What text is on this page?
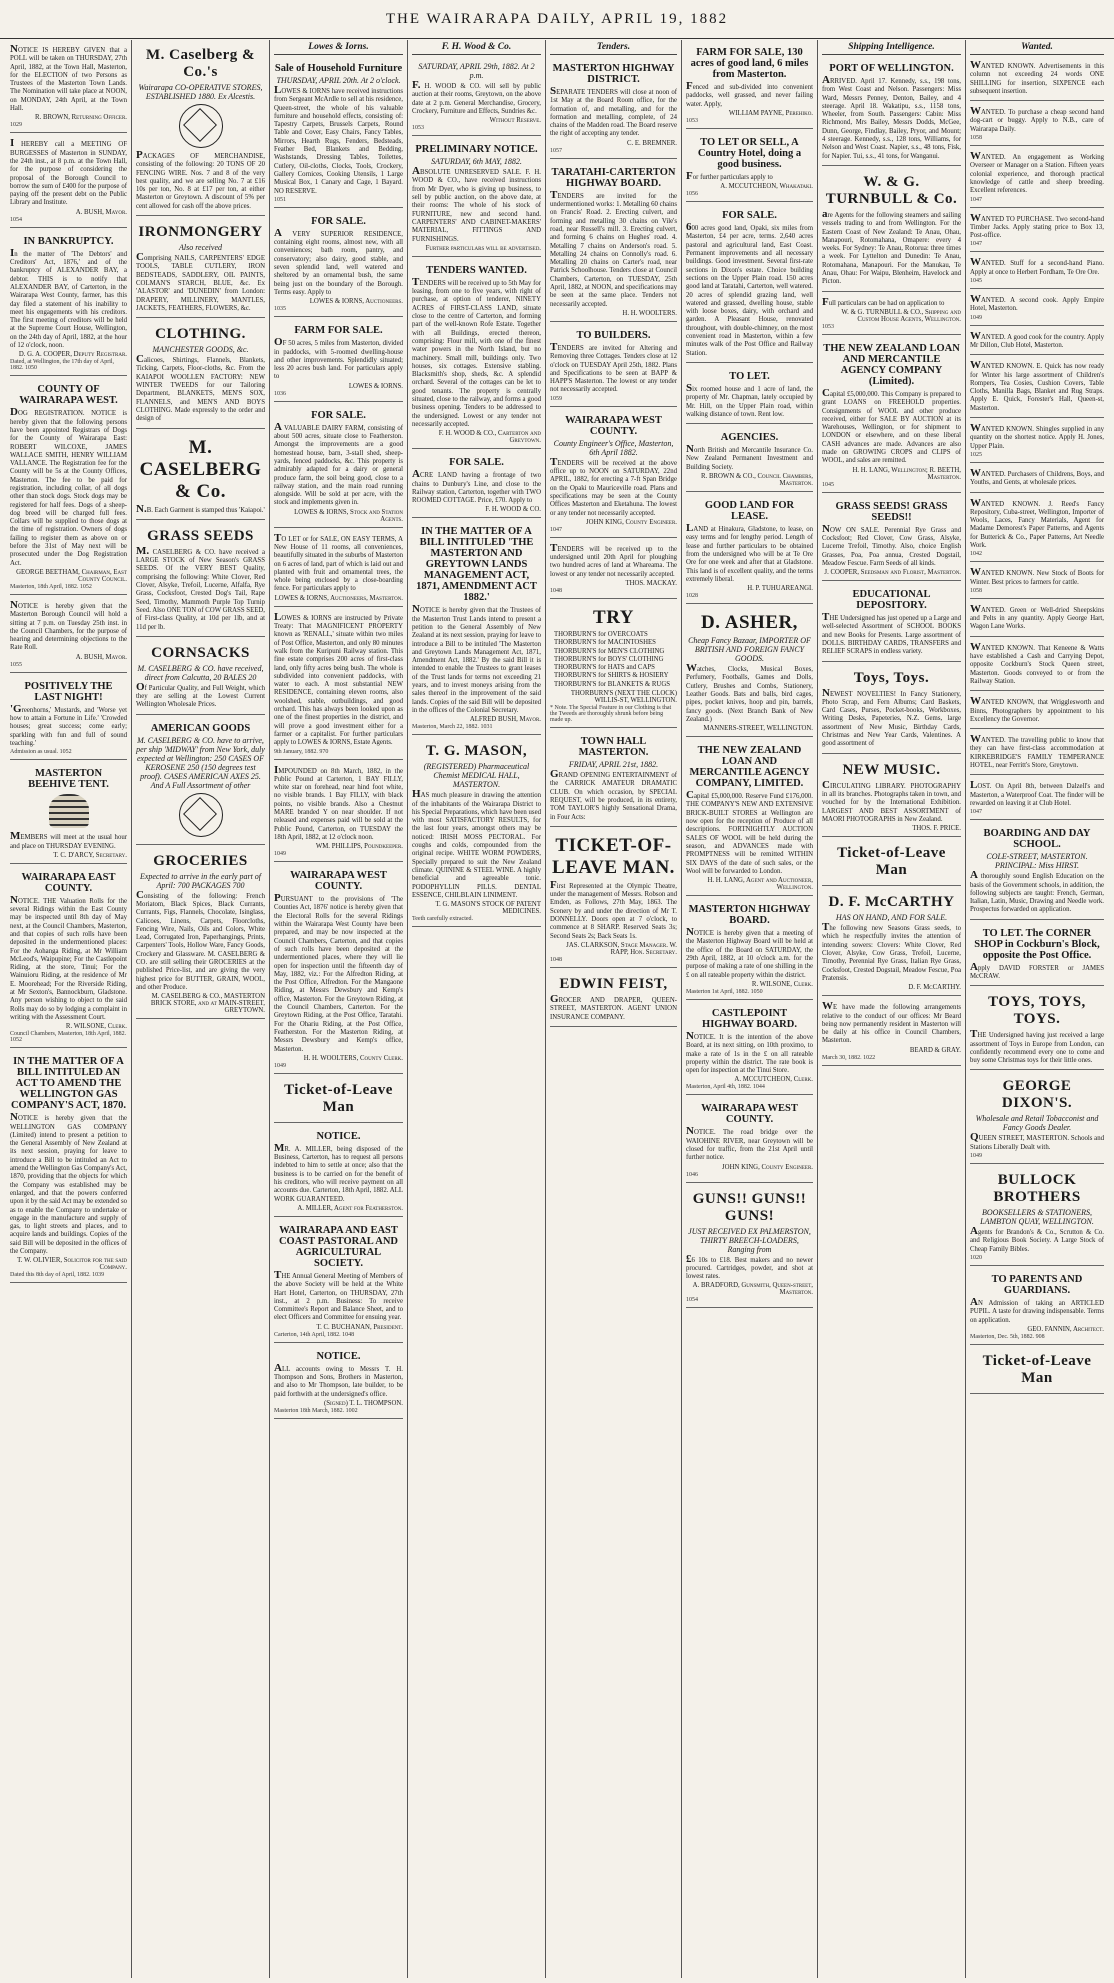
THE WAIRARAPA DAILY, APRIL 19, 1882
NOTICE IS HEREBY GIVEN that a POLL will be taken on THURSDAY, 27th April, 1882, at the Town Hall, Masterton, for the ELECTION of two Persons as Trustees of the Masterton Town Lands. The Nomination will take place at NOON, on MONDAY, 24th April, at the Town Hall.
R. BROWN, Returning Officer.
1029
I HEREBY call a MEETING OF BURGESSES of Masterton in SUNDAY, the 24th inst., at 8 p.m. at the Town Hall, for the purpose of considering the proposal of the Borough Council to borrow the sum of £400 for the purpose of paying off the present debt on the Public Library and Institute.
A. BUSH, Mayor.
1054
IN BANKRUPTCY.
In the matter of 'The Debtors' and Creditors' Act, 1876,' and of the bankruptcy of ALEXANDER BAY, a debtor. THIS is to notify that ALEXANDER BAY, of Carterton, in the Wairarapa West County, farmer, has this day filed a statement of his inability to meet his engagements with his creditors. The first meeting of creditors will be held at the Supreme Court House, Wellington, on the 24th day of April, 1882, at the hour of 12 o'clock, noon.
D. G. A. COOPER, Deputy Registrar.
Dated, at Wellington, the 17th day of April, 1882. 1050
COUNTY OF WAIRARAPA WEST.
DOG REGISTRATION. NOTICE is hereby given that the following persons have been appointed Registrars of Dogs for the County of Wairarapa East: ROBERT WILCOXE, JAMES WALLACE SMITH, HENRY WILLIAM VALLANCE. The Registration fee for the County will be 5s at the County Offices, Masterton. The fee to be paid for registration, including collar, of all dogs other than stock dogs. Stock dogs may be registered for half fees. Dogs of a sheep-dog breed will be charged full fees. Collars will be supplied to those dogs at the time of registration. Owners of dogs failing to register them as above on or before the 31st of May next will be prosecuted under the Dog Registration Act.
GEORGE BEETHAM, Chairman, East County Council.
Masterton, 18th April, 1882. 1052
NOTICE is hereby given that the Masterton Borough Council will hold a sitting at 7 p.m. on Tuesday 25th inst. in the Council Chambers, for the purpose of hearing and determining objections to the Rate Roll.
A. BUSH, Mayor.
1055
POSITIVELY THE LAST NIGHT!
'Greenhorns,' Mustards, and 'Worse yet how to attain a Fortune in Life.' 'Crowded houses; great success; come early; sparkling with fun and full of sound teaching.'
Admission as usual. 1052
MASTERTON BEEHIVE TENT.
MEMBERS will meet at the usual hour and place on THURSDAY EVENING.
T. C. D'ARCY, Secretary.
WAIRARAPA EAST COUNTY.
NOTICE. THE Valuation Rolls for the several Ridings within the East County may be inspected until 8th day of May next, at the Council Chambers, Masterton, and that copies of such rolls have been deposited in the undermentioned places: For the Aohanga Riding, at Mr William McLeod's, Waipupine; For the Castlepoint Riding, at the store, Tinui; For the Wainuioru Riding, at the residence of Mr E. Moorehead; For the Riverside Riding, at Mr Sexton's, Bannockburn, Gladstone. Any person wishing to object to the said Rolls may do so by lodging a complaint in writing with the Assessment Court.
R. WILSONE, Clerk.
Council Chambers, Masterton, 18th April, 1882. 1052
IN THE MATTER OF A BILL INTITULED AN ACT TO AMEND THE WELLINGTON GAS COMPANY'S ACT, 1870.
NOTICE is hereby given that the WELLINGTON GAS COMPANY (Limited) intend to present a petition to the General Assembly of New Zealand at its next session, praying for leave to introduce a Bill to be intituled an Act to amend the Wellington Gas Company's Act, 1870, providing that the objects for which the Company was established may be enlarged, and that the powers conferred upon it by the said Act may be extended so as to enable the Company to undertake or engage in the manufacture and supply of gas, to light streets and places, and to acquire lands and buildings. Copies of the said Bill will be deposited in the offices of the Company.
T. W. OLIVIER, Solicitor for the said Company.
Dated this 8th day of April, 1882. 1039
M. Caselberg & Co.'s
Wairarapa CO-OPERATIVE STORES, ESTABLISHED 1880. Ex Alcestis.
PACKAGES OF MERCHANDISE, consisting of the following: 20 TONS OF 20 FENCING WIRE. Nos. 7 and 8 of the very best quality, and we are selling No. 7 at £16 10s per ton, No. 8 at £17 per ton, at either Masterton or Greytown. A discount of 5% per cent allowed for cash off the above prices.
IRONMONGERY
Also received
Comprising NAILS, CARPENTERS' EDGE TOOLS, TABLE CUTLERY, IRON BEDSTEADS, SADDLERY, OIL PAINTS, COLMAN'S STARCH, BLUE, &c. Ex 'ALASTOR' and 'DUNEDIN' from London: DRAPERY, MILLINERY, MANTLES, JACKETS, FEATHERS, FLOWERS, &c.
CLOTHING.
MANCHESTER GOODS, &c.
Calicoes, Shirtings, Flannels, Blankets, Ticking, Carpets, Floor-cloths, &c. From the KAIAPOI WOOLLEN FACTORY: NEW WINTER TWEEDS for our Tailoring Department, BLANKETS, MEN'S SOX, FLANNELS, and MEN'S AND BOYS CLOTHING. Made expressly to the order and design of
M. CASELBERG & Co.
N.B. Each Garment is stamped thus 'Kaiapoi.'
GRASS SEEDS
M. CASELBERG & CO. have received a LARGE STOCK of New Season's GRASS SEEDS. Of the VERY BEST Quality, comprising the following: White Clover, Red Clover, Alsyke, Trefoil, Lucerne, Alfalfa, Rye Grass, Cocksfoot, Crested Dog's Tail, Rape Seed, Timothy, Mammoth Purple Top Turnip Seed. Also ONE TON of COW GRASS SEED, of First-class Quality, at 10d per 1lb, and at 11d per lb.
CORNSACKS
M. CASELBERG & CO. have received, direct from Calcutta, 20 BALES 20
Of Particular Quality, and Full Weight, which they are selling at the Lowest Current Wellington Wholesale Prices.
AMERICAN GOODS
M. CASELBERG & CO. have to arrive, per ship 'MIDWAY' from New York, duly expected at Wellington: 250 CASES OF KEROSENE 250 (150 degrees test proof). CASES AMERICAN AXES 25. And A Full Assortment of other
GROCERIES
Expected to arrive in the early part of April: 700 PACKAGES 700
Consisting of the following: French Moriatom, Black Spices, Black Currants, Currants, Figs, Flannels, Chocolate, Isinglass, Calicoes, Linens, Carpets, Floorcloths, Fencing Wire, Nails, Oils and Colors, White Lead, Corrugated Iron, Paperhangings, Prints, Carpenters' Tools, Hollow Ware, Fancy Goods, Crockery and Glassware. M. CASELBERG & CO. are still selling their GROCERIES at the published Price-list, and are giving the very highest price for BUTTER, GRAIN, WOOL, and other Produce.
M. CASELBERG & CO., MASTERTON BRICK STORE, and at MAIN-STREET, GREYTOWN.
Lowes & Iorns.
Sale of Household Furniture
THURSDAY, APRIL 20th. At 2 o'clock.
LOWES & IORNS have received instructions from Sergeant McArdle to sell at his residence, Queen-street, the whole of his valuable furniture and household effects, consisting of: Tapestry Carpets, Brussels Carpets, Round Table and Cover, Easy Chairs, Fancy Tables, Mirrors, Hearth Rugs, Fenders, Bedsteads, Feather Bed, Blankets and Bedding, Washstands, Dressing Tables, Toilettes, Cutlery, Oil-cloths, Clocks, Tools, Crockery, Gallery Cornices, Cooking Utensils, 1 Large Musical Box, 1 Canary and Cage, 1 Bayard. NO RESERVE.
1051
FOR SALE.
A VERY SUPERIOR RESIDENCE, containing eight rooms, almost new, with all conveniences; bath room, pantry, and conservatory; also dairy, good stable, and seven splendid land, well watered and sheltered by an ornamental bush, the same being just on the boundary of the Borough. Terms easy. Apply to
LOWES & IORNS, Auctioneers.
1035
FARM FOR SALE.
OF 50 acres, 5 miles from Masterton, divided in paddocks, with 5-roomed dwelling-house and other improvements. Splendidly situated; less 20 acres bush land. For particulars apply to
LOWES & IORNS.
1036
FOR SALE.
A VALUABLE DAIRY FARM, consisting of about 500 acres, situate close to Featherston. Amongst the improvements are a good homestead house, barn, 3-stall shed, sheep-yards, fenced paddocks, &c. This property is admirably adapted for a dairy or general produce farm, the soil being good, close to a railway station, and the main road running alongside. Will be sold at per acre, with the stock and implements given in.
LOWES & IORNS, Stock and Station Agents.
TO LET or for SALE, ON EASY TERMS, A New House of 11 rooms, all conveniences, beautifully situated in the suburbs of Masterton on 6 acres of land, part of which is laid out and planted with fruit and ornamental trees, the whole being enclosed by a close-boarding fence. For particulars apply to
LOWES & IORNS, Auctioneers, Masterton.
LOWES & IORNS are instructed by Private Treaty: That MAGNIFICENT PROPERTY known as 'RENALL,' situate within two miles of Post Office, Masterton, and only 80 minutes walk from the Kuripuni Railway station. This fine estate comprises 200 acres of first-class land, only fifty acres being bush. The whole is subdivided into convenient paddocks, with water to each. A most substantial NEW RESIDENCE, containing eleven rooms, also woolshed, stable, outbuildings, and good orchard. This has always been looked upon as one of the finest properties in the district, and will prove a good investment either for a farmer or a capitalist. For further particulars apply to LOWES & IORNS, Estate Agents.
9th January, 1882. 970
IMPOUNDED on 8th March, 1882, in the Public Pound at Carterton, 1 BAY FILLY, white star on forehead, near hind foot white, no visible brands. 1 Bay FILLY, with black points, no visible brands. Also a Chestnut MARE branded Y on near shoulder. If not released and expenses paid will be sold at the Public Pound, Carterton, on TUESDAY the 18th April, 1882, at 12 o'clock noon.
WM. PHILLIPS, Poundkeeper.
1049
WAIRARAPA WEST COUNTY.
PURSUANT to the provisions of 'The Counties Act, 1876' notice is hereby given that the Electoral Rolls for the several Ridings within the Wairarapa West County have been prepared, and may be now inspected at the Council Chambers, Carterton, and that copies of such rolls have been deposited at the undermentioned places, where they will lie open for inspection until the fifteenth day of May, 1882, viz.: For the Alfredton Riding, at the Post Office, Alfredton. For the Mangaone Riding, at Messrs Dewsbury and Kemp's office, Masterton. For the Greytown Riding, at the Council Chambers, Carterton. For the Greytown Riding, at the Post Office, Taratahi. For the Ohariu Riding, at the Post Office, Featherston. For the Masterton Riding, at Messrs Dewsbury and Kemp's office, Masterton.
H. H. WOOLTERS, County Clerk.
1049
Ticket-of-Leave Man
NOTICE.
MR. A. MILLER, being disposed of the Business, Carterton, has to request all persons indebted to him to settle at once; also that the business is to be carried on for the benefit of his creditors, who will receive payment on all accounts due. Carterton, 18th April, 1882. ALL WORK GUARANTEED.
A. MILLER, Agent for Featherston.
WAIRARAPA AND EAST COAST PASTORAL AND AGRICULTURAL SOCIETY.
THE Annual General Meeting of Members of the above Society will be held at the White Hart Hotel, Carterton, on THURSDAY, 27th inst., at 2 p.m. Business: To receive Committee's Report and Balance Sheet, and to elect Officers and Committee for ensuing year.
T. C. BUCHANAN, President.
Carterton, 14th April, 1882. 1048
NOTICE.
ALL accounts owing to Messrs T. H. Thompson and Sons, Brothers in Masterton, and also to Mr Thompson, late builder, to be paid forthwith at the undersigned's office.
(Signed) T. L. THOMPSON.
Masterton 18th March, 1882. 1002
F. H. Wood & Co.
SATURDAY, APRIL 29th, 1882. At 2 p.m.
F. H. WOOD & CO. will sell by public auction at their rooms, Greytown, on the above date at 2 p.m. General Merchandise, Grocery, Crockery, Furniture and Effects, Sundries &c.
Without Reserve.
1053
PRELIMINARY NOTICE.
SATURDAY, 6th MAY, 1882.
ABSOLUTE UNRESERVED SALE. F. H. WOOD & CO., have received instructions from Mr Dyer, who is giving up business, to sell by public auction, on the above date, at their rooms: The whole of his stock of FURNITURE, new and second hand. CARPENTERS' AND CABINET-MAKERS' MATERIAL, FITTINGS AND FURNISHINGS.
Further particulars will be advertised.
TENDERS WANTED.
TENDERS will be received up to 5th May for leasing, from one to five years, with right of purchase, at option of tenderer, NINETY ACRES of FIRST-CLASS LAND, situate close to the centre of Carterton, and forming part of the well-known Rofe Estate. Together with all Buildings, erected thereon, comprising: Flour mill, with one of the finest water powers in the North Island, but no machinery. Small mill, buildings only. Two houses, six cottages. Extensive stabling. Blacksmith's shop, sheds, &c. A splendid orchard. Several of the cottages can be let to good tenants. The property is centrally situated, close to the railway, and forms a good business opening. Tenders to be addressed to the undersigned. Lowest or any tender not necessarily accepted.
F. H. WOOD & CO., Carterton and Greytown.
FOR SALE.
ACRE LAND having a frontage of two chains to Dunbury's Line, and close to the Railway station, Carterton, together with TWO ROOMED COTTAGE. Price, £70. Apply to
F. H. WOOD & CO.
IN THE MATTER OF A BILL INTITULED 'THE MASTERTON AND GREYTOWN LANDS MANAGEMENT ACT, 1871, AMENDMENT ACT 1882.'
NOTICE is hereby given that the Trustees of the Masterton Trust Lands intend to present a petition to the General Assembly of New Zealand at its next session, praying for leave to introduce a Bill to be intituled 'The Masterton and Greytown Lands Management Act, 1871, Amendment Act, 1882.' By the said Bill it is intended to enable the Trustees to grant leases of the Trust lands for terms not exceeding 21 years, and to invest moneys arising from the sales thereof in the improvement of the said lands. Copies of the said Bill will be deposited in the offices of the Colonial Secretary.
ALFRED BUSH, Mayor.
Masterton, March 22, 1882. 1031
T. G. MASON,
(REGISTERED) Pharmaceutical Chemist MEDICAL HALL, MASTERTON.
HAS much pleasure in drawing the attention of the inhabitants of the Wairarapa District to his Special Preparations, which have been used with most SATISFACTORY RESULTS, for the last four years, amongst others may be noticed: IRISH MOSS PECTORAL. For coughs and colds, compounded from the original recipe. WHITE WORM POWDERS, Specially prepared to suit the New Zealand climate. QUININE & STEEL WINE. A highly beneficial and agreeable tonic. PODOPHYLLIN PILLS. DENTAL ESSENCE, CHILBLAIN LINIMENT.
T. G. MASON'S STOCK OF PATENT MEDICINES.
Teeth carefully extracted.
Tenders.
MASTERTON HIGHWAY DISTRICT.
SEPARATE TENDERS will close at noon of 1st May at the Board Room office, for the formation of, and metalling, and for the formation and metalling, complete, of 24 chains of the Madden road. The Board reserve the right of accepting any tender.
C. E. BREMNER.
1057
TARATAHI-CARTERTON HIGHWAY BOARD.
TENDERS are invited for the undermentioned works: 1. Metalling 60 chains on Francis' Road. 2. Erecting culvert, and forming and metalling 30 chains on Vile's road, near Russell's mill. 3. Erecting culvert, and forming 6 chains on Hughes' road. 4. Metalling 7 chains on Anderson's road. 5. Metalling 24 chains on Connolly's road. 6. Metalling 20 chains on Carter's road, near Patrick Schoolhouse. Tenders close at Council Chambers, Carterton, on TUESDAY, 25th April, 1882, at NOON, and specifications may be seen at the same place. Tenders not necessarily accepted.
H. H. WOOLTERS.
TO BUILDERS.
TENDERS are invited for Altering and Removing three Cottages. Tenders close at 12 o'clock on TUESDAY April 25th, 1882. Plans and Specifications to be seen at BAPP & HAPP'S Masterton. The lowest or any tender not necessarily accepted.
1059
WAIRARAPA WEST COUNTY.
County Engineer's Office, Masterton, 6th April 1882.
TENDERS will be received at the above office up to NOON on SATURDAY, 22nd APRIL, 1882, for erecting a 7-ft Span Bridge on the Opaki to Mauriceville road. Plans and specifications may be seen at the County Offices Masterton and Eketahuna. The lowest or any tender not necessarily accepted.
JOHN KING, County Engineer.
1047
TENDERS will be received up to the undersigned until 20th April for ploughing two hundred acres of land at Whareama. The lowest or any tender not necessarily accepted.
THOS. MACKAY.
1048
TRY
THORBURN'S for OVERCOATS
THORBURN'S for MACINTOSHES
THORBURN'S for MEN'S CLOTHING
THORBURN'S for BOYS' CLOTHING
THORBURN'S for HATS and CAPS
THORBURN'S for SHIRTS & HOSIERY
THORBURN'S for BLANKETS & RUGS
THORBURN'S (NEXT THE CLOCK) WILLIS-ST, WELLINGTON.
* Note. The Special Feature in our Clothing is that the Tweeds are thoroughly shrunk before being made up.
TOWN HALL MASTERTON.
FRIDAY, APRIL 21st, 1882.
GRAND OPENING ENTERTAINMENT of the CARRICK AMATEUR DRAMATIC CLUB. On which occasion, by SPECIAL REQUEST, will be produced, in its entirety, TOM TAYLOR'S highly Sensational Drama, in Four Acts:
TICKET-OF-LEAVE MAN.
First Represented at the Olympic Theatre, under the management of Messrs. Robson and Emden, as Follows, 27th May, 1863. The Scenery by and under the direction of Mr T. DONNELLY. Doors open at 7 o'clock, to commence at 8 SHARP. Reserved Seats 3s; Second Seats 2s; Back Seats 1s.
JAS. CLARKSON, Stage Manager. W. RAPP, Hon. Secretary.
1048
EDWIN FEIST,
GROCER AND DRAPER, QUEEN-STREET, MASTERTON. AGENT UNION INSURANCE COMPANY.
FARM FOR SALE, 130 acres of good land, 6 miles from Masterton.
Fenced and sub-divided into convenient paddocks, well grassed, and never failing water. Apply,
WILLIAM PAYNE, Perehiko.
1053
TO LET OR SELL, A Country Hotel, doing a good business.
For further particulars apply to
A. MCCUTCHEON, Whakataki.
1056
FOR SALE.
600 acres good land, Opaki, six miles from Masterton, £4 per acre, terms. 2,640 acres pastoral and agricultural land, East Coast. Permanent improvements and all necessary buildings. Good investment. Several first-rate sections in Dixon's estate. Choice building sections on the Upper Plain road. 150 acres good land at Taratahi, Carterton, well watered. 20 acres of splendid grazing land, well watered and grassed, dwelling house, stable with loose boxes, dairy, with orchard and garden. A Pleasant House, renovated throughout, with double-chimney, on the most convenient road in Masterton, within a few minutes walk of the Post Office and Railway Station.
TO LET.
Six roomed house and 1 acre of land, the property of Mr. Chapman, lately occupied by Mr. Hill, on the Upper Plain road, within walking distance of town. Rent low.
AGENCIES.
North British and Mercantile Insurance Co. New Zealand Permanent Investment and Building Society.
R. BROWN & CO., Council Chambers, Masterton.
GOOD LAND FOR LEASE.
LAND at Hinakura, Gladstone, to lease, on easy terms and for lengthy period. Length of lease and further particulars to be obtained from the undersigned who will be at Te Ore Ore for one week and after that at Gladstone. This land is of excellent quality, and the terms extremely liberal.
H. P. TUHUAREANGI.
1028
D. ASHER,
Cheap Fancy Bazaar, IMPORTER OF BRITISH AND FOREIGN FANCY GOODS.
Watches, Clocks, Musical Boxes, Perfumery, Footballs, Games and Dolls, Cutlery, Brushes and Combs, Stationery, Leather Goods. Bats and balls, bird cages, pipes, pocket knives, hoop and pin, barrels, fancy goods. (Next Branch Bank of New Zealand.)
MANNERS-STREET, WELLINGTON.
THE NEW ZEALAND LOAN AND MERCANTILE AGENCY COMPANY, LIMITED.
Capital £5,000,000. Reserve Fund £176,000. THE COMPANY'S NEW AND EXTENSIVE BRICK-BUILT STORES at Wellington are now open for the reception of Produce of all descriptions. FORTNIGHTLY AUCTION SALES OF WOOL will be held during the season, and ADVANCES made with PROMPTNESS will be remitted WITHIN SIX DAYS of the date of such sales, or the Wool will be forwarded to London.
H. H. LANG, Agent and Auctioneer, Wellington.
MASTERTON HIGHWAY BOARD.
NOTICE is hereby given that a meeting of the Masterton Highway Board will be held at the office of the Board on SATURDAY, the 29th April, 1882, at 10 o'clock a.m. for the purpose of making a rate of one shilling in the £ on all rateable property within the district.
R. WILSONE, Clerk.
Masterton 1st April, 1882. 1050
CASTLEPOINT HIGHWAY BOARD.
NOTICE. It is the intention of the above Board, at its next sitting, on 10th proximo, to make a rate of 1s in the £ on all rateable property within the district. The rate book is open for inspection at the Tinui Store.
A. MCCUTCHEON, Clerk.
Masterton, April 4th, 1882. 1044
WAIRARAPA WEST COUNTY.
NOTICE. The road bridge over the WAIOHINE RIVER, near Greytown will be closed for traffic, from the 21st April until further notice.
JOHN KING, County Engineer.
1046
GUNS!! GUNS!! GUNS!
JUST RECEIVED EX PALMERSTON, THIRTY BREECH-LOADERS, Ranging from
£6 10s to £18. Best makers and no newer procured. Cartridges, powder, and shot at lowest rates.
A. BRADFORD, Gunsmith, Queen-street, Masterton.
1054
Shipping Intelligence.
PORT OF WELLINGTON.
ARRIVED. April 17. Kennedy, s.s., 198 tons, from West Coast and Nelson. Passengers: Miss Ward, Messrs Penney, Denton, Bailey, and 4 steerage. April 18. Wakatipu, s.s., 1158 tons, Wheeler, from South. Passengers: Cabin: Miss Richmond, Mrs Bailey, Messrs Dodds, McGee, Dunn, George, Findlay, Bailey, Pryor, and Mount; 4 steerage. Kennedy, s.s., 128 tons, Williams, for Nelson and West Coast. Napier, s.s., 48 tons, Fisk, for Napier. Tui, s.s., 41 tons, for Wanganui.
W. & G. TURNBULL & Co.
are Agents for the following steamers and sailing vessels trading to and from Wellington. For the Eastern Coast of New Zealand: Te Anau, Ohau, Manapouri, Rotomahana, Omapere: every 4 weeks. For Sydney: Te Anau, Rotorua: three times a week. For Lyttelton and Dunedin: Te Anau, Rotomahana, Manapouri. For the Manukau, Te Anau, Ohau: For Waipu, Blenheim, Havelock and Picton.
Full particulars can be had on application to
W. & G. TURNBULL & CO., Shipping and Custom House Agents, Wellington.
1053
THE NEW ZEALAND LOAN AND MERCANTILE AGENCY COMPANY (Limited).
Capital £5,000,000. This Company is prepared to grant LOANS on FREEHOLD properties. Consignments of WOOL and other produce received, either for SALE BY AUCTION at its Warehouses, Wellington, or for shipment to LONDON or elsewhere, and on these liberal CASH advances are made. Advances are also made on GROWING CROPS and CLIPS of WOOL, and sales are remitted.
H. H. LANG, Wellington; R. BEETH, Masterton.
1045
GRASS SEEDS! GRASS SEEDS!!
NOW ON SALE. Perennial Rye Grass and Cocksfoot; Red Clover, Cow Grass, Alsyke, Lucerne Trefoil, Timothy. Also, choice English Grasses, Poa, Poa annua, Crested Dogstail, Meadow Fescue. Farm Seeds of all kinds.
J. COOPER, Seedsman and Florist, Masterton.
EDUCATIONAL DEPOSITORY.
THE Undersigned has just opened up a Large and well-selected Assortment of SCHOOL BOOKS and new Books for Presents. Large assortment of DOLLS. BIRTHDAY CARDS, TRANSFERS and RELIEF SCRAPS in endless variety.
Toys, Toys.
NEWEST NOVELTIES! In Fancy Stationery, Photo Scrap, and Fern Albums; Card Baskets, Card Cases, Purses, Pocket-books, Workboxes, Writing Desks, Papeteries, N.Z. Gems, large assortment of New Music, Birthday Cards, Christmas and New Year Cards, Valentines. A good assortment of
NEW MUSIC.
CIRCULATING LIBRARY. PHOTOGRAPHY in all its branches. Photographs taken in town, and vouched for by the International Exhibition. LARGEST AND BEST ASSORTMENT of MAORI PHOTOGRAPHS in New Zealand.
THOS. F. PRICE.
Ticket-of-Leave Man
D. F. McCARTHY
HAS ON HAND, AND FOR SALE.
The following new Seasons Grass seeds, to which he respectfully invites the attention of intending sowers: Clovers: White Clover, Red Clover, Alsyke, Cow Grass, Trefoil, Lucerne, Timothy, Perennial Rye Grass, Italian Rye Grass, Cocksfoot, Crested Dogstail, Meadow Fescue, Poa Pratensis.
D. F. McCARTHY.
WE have made the following arrangements relative to the conduct of our offices: Mr Beard being now permanently resident in Masterton will be daily at his office in Council Chambers, Masterton.
BEARD & GRAY.
March 30, 1882. 1022
Wanted.
WANTED KNOWN. Advertisements in this column not exceeding 24 words ONE SHILLING for insertion, SIXPENCE each subsequent insertion.
WANTED. To purchase a cheap second hand dog-cart or buggy. Apply to N.B., care of Wairarapa Daily.
1058
WANTED. An engagement as Working Overseer or Manager on a Station. Fifteen years colonial experience, and thorough practical knowledge of cattle and sheep breeding. Excellent references.
1047
WANTED TO PURCHASE. Two second-hand Timber Jacks. Apply stating price to Box 13, Post-office.
1047
WANTED. Stuff for a second-hand Piano. Apply at once to Herbert Fordham, Te Ore Ore.
1045
WANTED. A second cook. Apply Empire Hotel, Masterton.
1049
WANTED. A good cook for the country. Apply Mr Dillon, Club Hotel, Masterton.
WANTED KNOWN. E. Quick has now ready for Winter his large assortment of Children's Rompers, Tea Cosies, Cushion Covers, Table Cloths, Manilla Bags, Blanket and Rug Straps. Apply E. Quick, Forester's Hall, Queen-st, Masterton.
WANTED KNOWN. Shingles supplied in any quantity on the shortest notice. Apply H. Jones, Upper Plain.
1025
WANTED. Purchasers of Childrens, Boys, and Youths, and Gents, at wholesale prices.
WANTED KNOWN. J. Reed's Fancy Repository, Cuba-street, Wellington, Importer of Wools, Laces, Fancy Materials, Agent for Madame Demorest's Paper Patterns, and Agents for Butterick & Co., Paper Patterns, Art Needle Work.
1042
WANTED KNOWN. New Stock of Boots for Winter. Best prices to farmers for cattle.
1058
WANTED. Green or Well-dried Sheepskins and Pelts in any quantity. Apply George Hart, Wagon Lane Works.
WANTED KNOWN. That Keneene & Watts have established a Cash and Carrying Depot, opposite Cockburn's Stock Queen street, Masterton. Goods conveyed to or from the Railway Station.
WANTED KNOWN, that Wrigglesworth and Binns, Photographers by appointment to his Excellency the Governor.
WANTED. The travelling public to know that they can have first-class accommodation at KIRKEBRIDGE'S FAMILY TEMPERANCE HOTEL, near Ferritt's Store, Greytown.
LOST. On April 8th, between Dalzell's and Masterton, a Waterproof Coat. The finder will be rewarded on leaving it at Club Hotel.
1047
BOARDING AND DAY SCHOOL.
COLE-STREET, MASTERTON. PRINCIPAL: Miss HIRST.
A thoroughly sound English Education on the basis of the Government schools, in addition, the following subjects are taught: French, German, Italian, Latin, Music, Drawing and Needle work. Prospectus forwarded on application.
TO LET. The CORNER SHOP in Cockburn's Block, opposite the Post Office.
Apply DAVID FORSTER or JAMES McCRAW.
TOYS, TOYS, TOYS.
THE Undersigned having just received a large assortment of Toys in Europe from London, can confidently recommend every one to come and buy some Christmas toys for their little ones.
GEORGE DIXON'S.
Wholesale and Retail Tobacconist and Fancy Goods Dealer.
QUEEN STREET, MASTERTON. Schools and Stations Liberally Dealt with.
1049
BULLOCK BROTHERS
BOOKSELLERS & STATIONERS, LAMBTON QUAY, WELLINGTON.
Agents for Brandon's & Co., Scrutton & Co. and Religious Book Society. A Large Stock of Cheap Family Bibles.
1020
TO PARENTS AND GUARDIANS.
AN Admission of taking an ARTICLED PUPIL. A taste for drawing indispensable. Terms on application.
GEO. FANNIN, Architect.
Masterton, Dec. 5th, 1882. 908
Ticket-of-Leave Man
